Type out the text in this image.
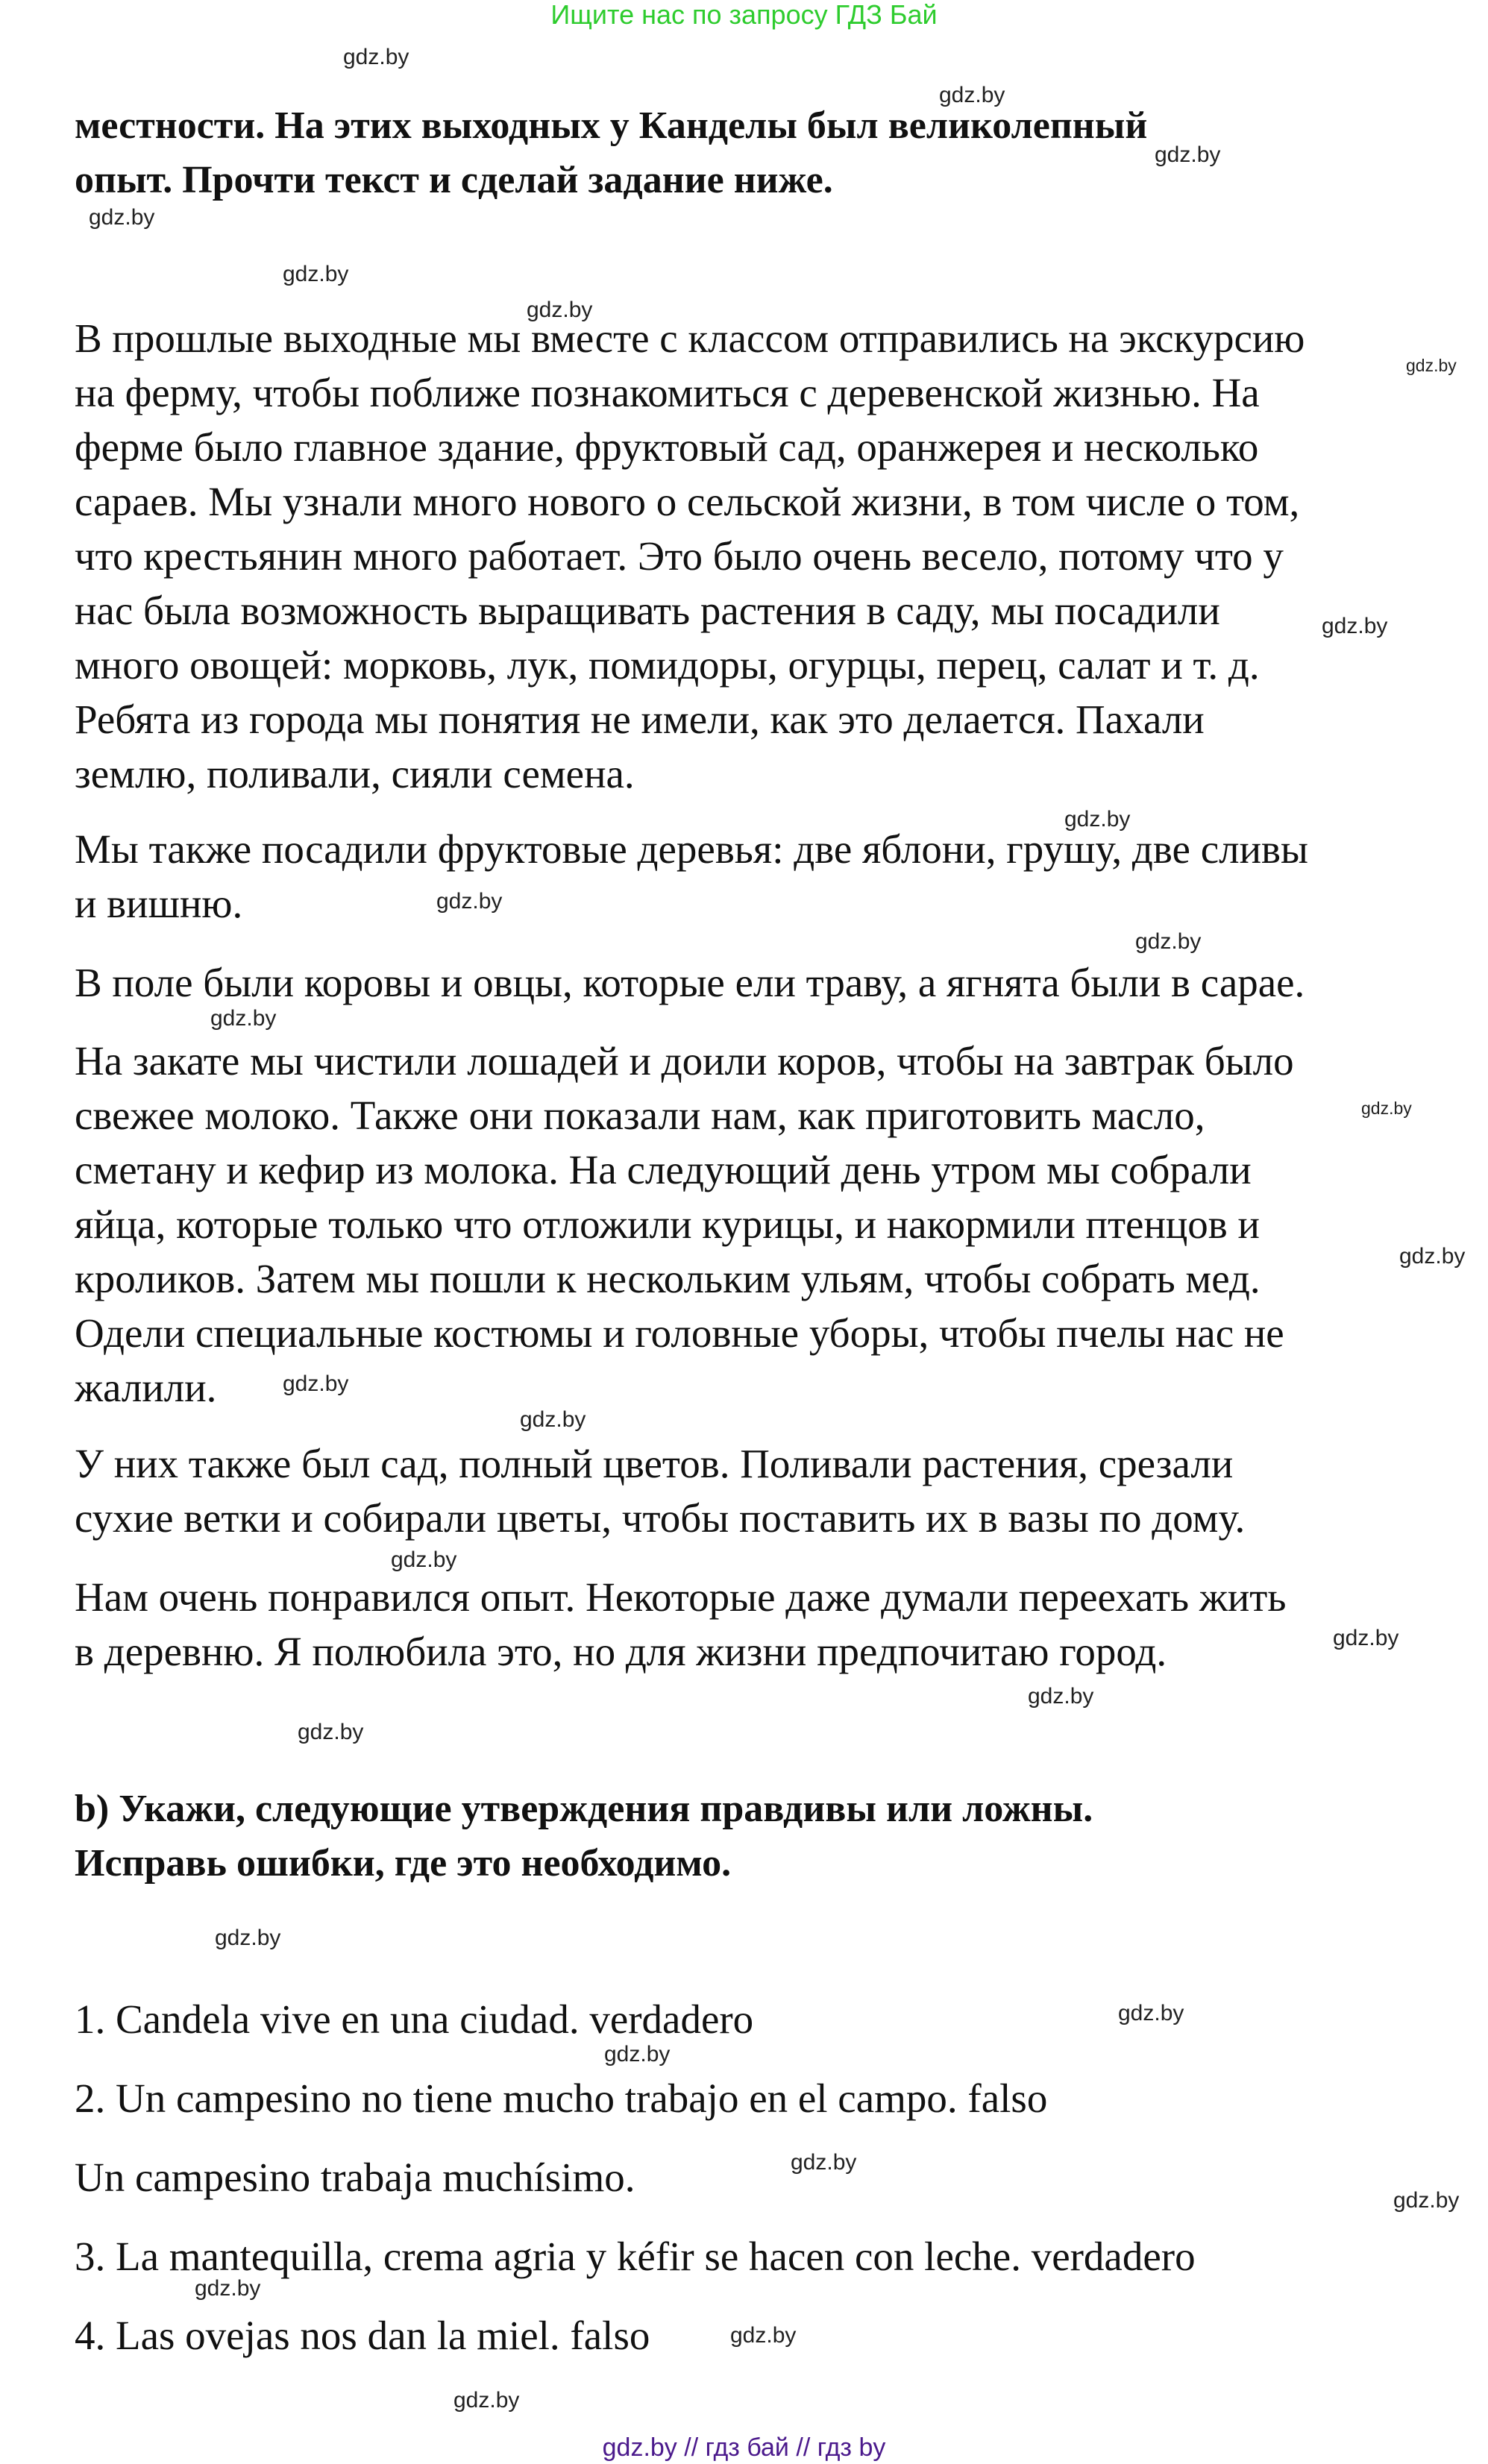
Ищите нас по запросу ГДЗ Бай
местности. На этих выходных у Канделы был великолепный
опыт. Прочти текст и сделай задание ниже.
В прошлые выходные мы вместе с классом отправились на экскурсию
на ферму, чтобы поближе познакомиться с деревенской жизнью. На
ферме было главное здание, фруктовый сад, оранжерея и несколько
сараев. Мы узнали много нового о сельской жизни, в том числе о том,
что крестьянин много работает. Это было очень весело, потому что у
нас была возможность выращивать растения в саду, мы посадили
много овощей: морковь, лук, помидоры, огурцы, перец, салат и т. д.
Ребята из города мы понятия не имели, как это делается. Пахали
землю, поливали, сияли семена.
Мы также посадили фруктовые деревья: две яблони, грушу, две сливы
и вишню.
В поле были коровы и овцы, которые ели траву, а ягнята были в сарае.
На закате мы чистили лошадей и доили коров, чтобы на завтрак было
свежее молоко. Также они показали нам, как приготовить масло,
сметану и кефир из молока. На следующий день утром мы собрали
яйца, которые только что отложили курицы, и накормили птенцов и
кроликов. Затем мы пошли к нескольким ульям, чтобы собрать мед.
Одели специальные костюмы и головные уборы, чтобы пчелы нас не
жалили.
У них также был сад, полный цветов. Поливали растения, срезали
сухие ветки и собирали цветы, чтобы поставить их в вазы по дому.
Нам очень понравился опыт. Некоторые даже думали переехать жить
в деревню. Я полюбила это, но для жизни предпочитаю город.
b) Укажи, следующие утверждения правдивы или ложны.
Исправь ошибки, где это необходимо.
1. Candela vive en una ciudad. verdadero
2. Un campesino no tiene mucho trabajo en el campo. falso
Un campesino trabaja muchísimo.
3. La mantequilla, crema agria y kéfir se hacen con leche. verdadero
4. Las ovejas nos dan la miel. falso
gdz.by
gdz.by
gdz.by
gdz.by
gdz.by
gdz.by
gdz.by
gdz.by
gdz.by
gdz.by
gdz.by
gdz.by
gdz.by
gdz.by
gdz.by
gdz.by
gdz.by
gdz.by
gdz.by
gdz.by
gdz.by
gdz.by
gdz.by
gdz.by
gdz.by
gdz.by
gdz.by
gdz.by
gdz.by // гдз бай // гдз by
